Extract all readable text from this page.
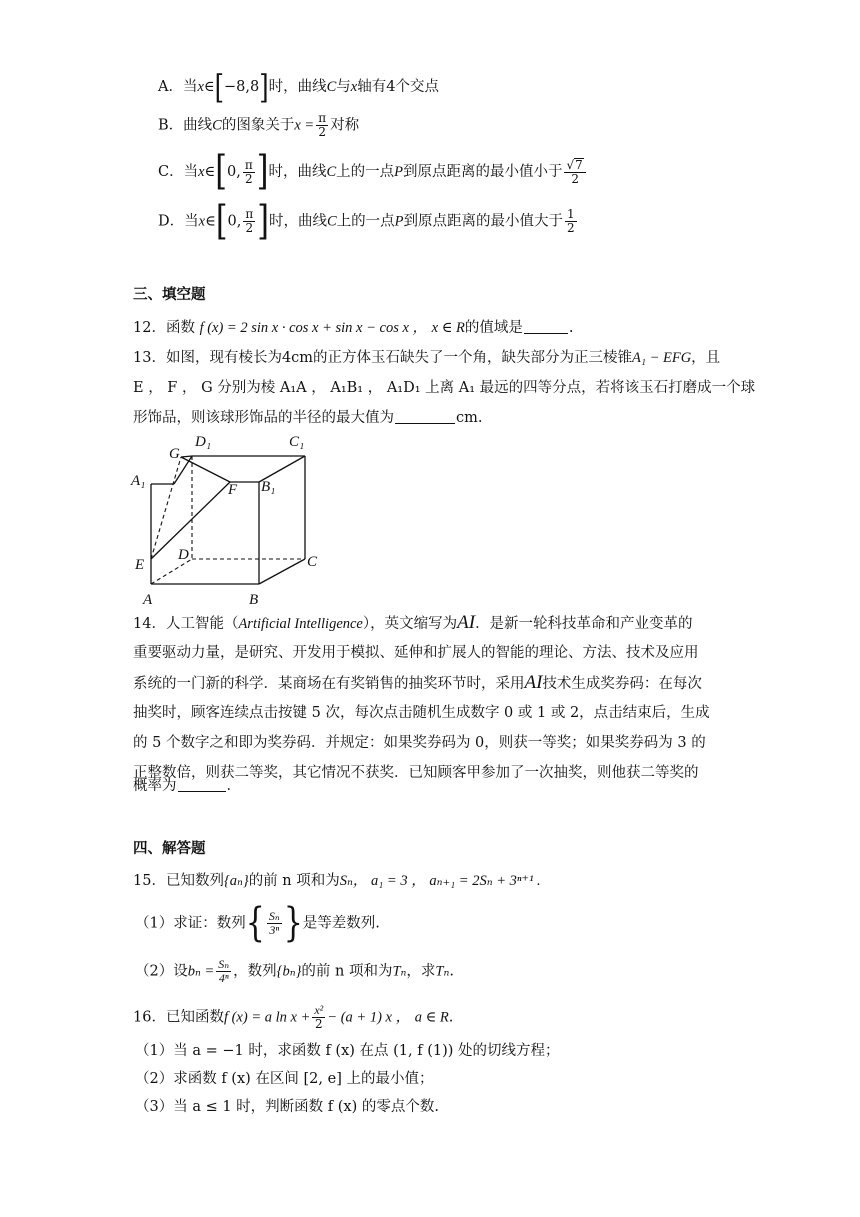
A．当x∈[−8,8]时，曲线C与x轴有4个交点
B．曲线C的图象关于$x = \frac{\pi}{2}$ 对称
C．当x∈[0, $\frac{\pi}{2}$ ]时，曲线C上的一点P到原点距离的最小值小于 $\frac{√7}{2}$
D．当x∈[0, $\frac{\pi}{2}$ ]时，曲线C上的一点P到原点距离的最小值大于 $\frac{1}{2}$
三、填空题
12．函数 f (x) = 2 sin x · cos x + sin x − cos x ， x ∈ R的值域是	.
13．如图，现有棱长为4cm的正方体玉石缺失了一个角，缺失部分为正三棱锥A₁ − EFG，且
E ， F ， G 分别为棱 A₁A ， A₁B₁ ， A₁D₁ 上离 A₁ 最远的四等分点，若将该玉石打磨成一个球
形饰品，则该球形饰品的半径的最大值为	cm.
G
D₁	C₁
A₁
F B₁
D
E	C
A	B
14．人工智能（Artificial Intelligence），英文缩写为AI．是新一轮科技革命和产业变革的
重要驱动力量，是研究、开发用于模拟、延伸和扩展人的智能的理论、方法、技术及应用
系统的一门新的科学．某商场在有奖销售的抽奖环节时，采用AI技术生成奖券码：在每次
抽奖时，顾客连续点击按键 5 次，每次点击随机生成数字 0 或 1 或 2，点击结束后，生成
的 5 个数字之和即为奖券码．并规定：如果奖券码为 0，则获一等奖；如果奖券码为 3 的
正整数倍，则获二等奖，其它情况不获奖．已知顾客甲参加了一次抽奖，则他获二等奖的
概率为	．
四、解答题
15．已知数列{aₙ}的前 n 项和为Sₙ， a₁ = 3 ， aₙ₊₁ = 2Sₙ + 3ⁿ⁺¹ .
（1）求证：数列{ $\frac{\text{Sₙ}}{\text{3ⁿ}}$ }是等差数列.
（2）设$b_n = \frac{\text{Sₙ}}{\text{4ⁿ}}$ ，数列{bₙ}的前 n 项和为Tₙ，求Tₙ.
16．已知函数f (x) = a $\ln x + \frac{\text{x²}}{2} - (a + 1)$ x ， a ∈ R.
（1）当 a = −1 时，求函数 f (x) 在点 (1, f (1)) 处的切线方程；
（2）求函数 f (x) 在区间 [2, e] 上的最小值；
（3）当 a ≤ 1 时，判断函数 f (x) 的零点个数.
